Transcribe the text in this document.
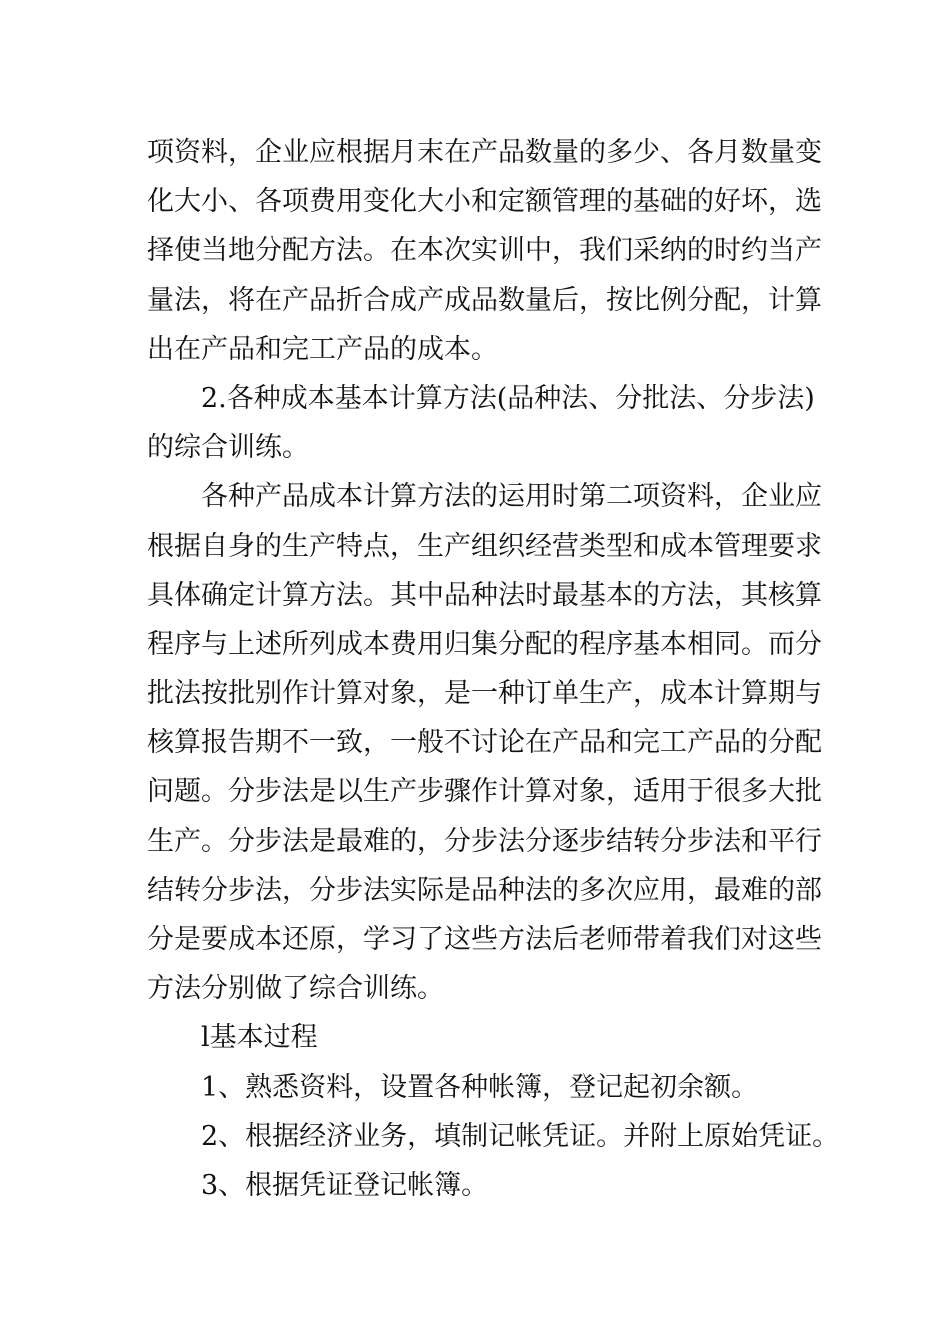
项资料，企业应根据月末在产品数量的多少、各月数量变
化大小、各项费用变化大小和定额管理的基础的好坏，选
择使当地分配方法。在本次实训中，我们采纳的时约当产
量法，将在产品折合成产成品数量后，按比例分配，计算
出在产品和完工产品的成本。
2.各种成本基本计算方法(品种法、分批法、分步法)
的综合训练。
各种产品成本计算方法的运用时第二项资料，企业应
根据自身的生产特点，生产组织经营类型和成本管理要求
具体确定计算方法。其中品种法时最基本的方法，其核算
程序与上述所列成本费用归集分配的程序基本相同。而分
批法按批别作计算对象，是一种订单生产，成本计算期与
核算报告期不一致，一般不讨论在产品和完工产品的分配
问题。分步法是以生产步骤作计算对象，适用于很多大批
生产。分步法是最难的，分步法分逐步结转分步法和平行
结转分步法，分步法实际是品种法的多次应用，最难的部
分是要成本还原，学习了这些方法后老师带着我们对这些
方法分别做了综合训练。
l基本过程
1、熟悉资料，设置各种帐簿，登记起初余额。
2、根据经济业务，填制记帐凭证。并附上原始凭证。
3、根据凭证登记帐簿。
